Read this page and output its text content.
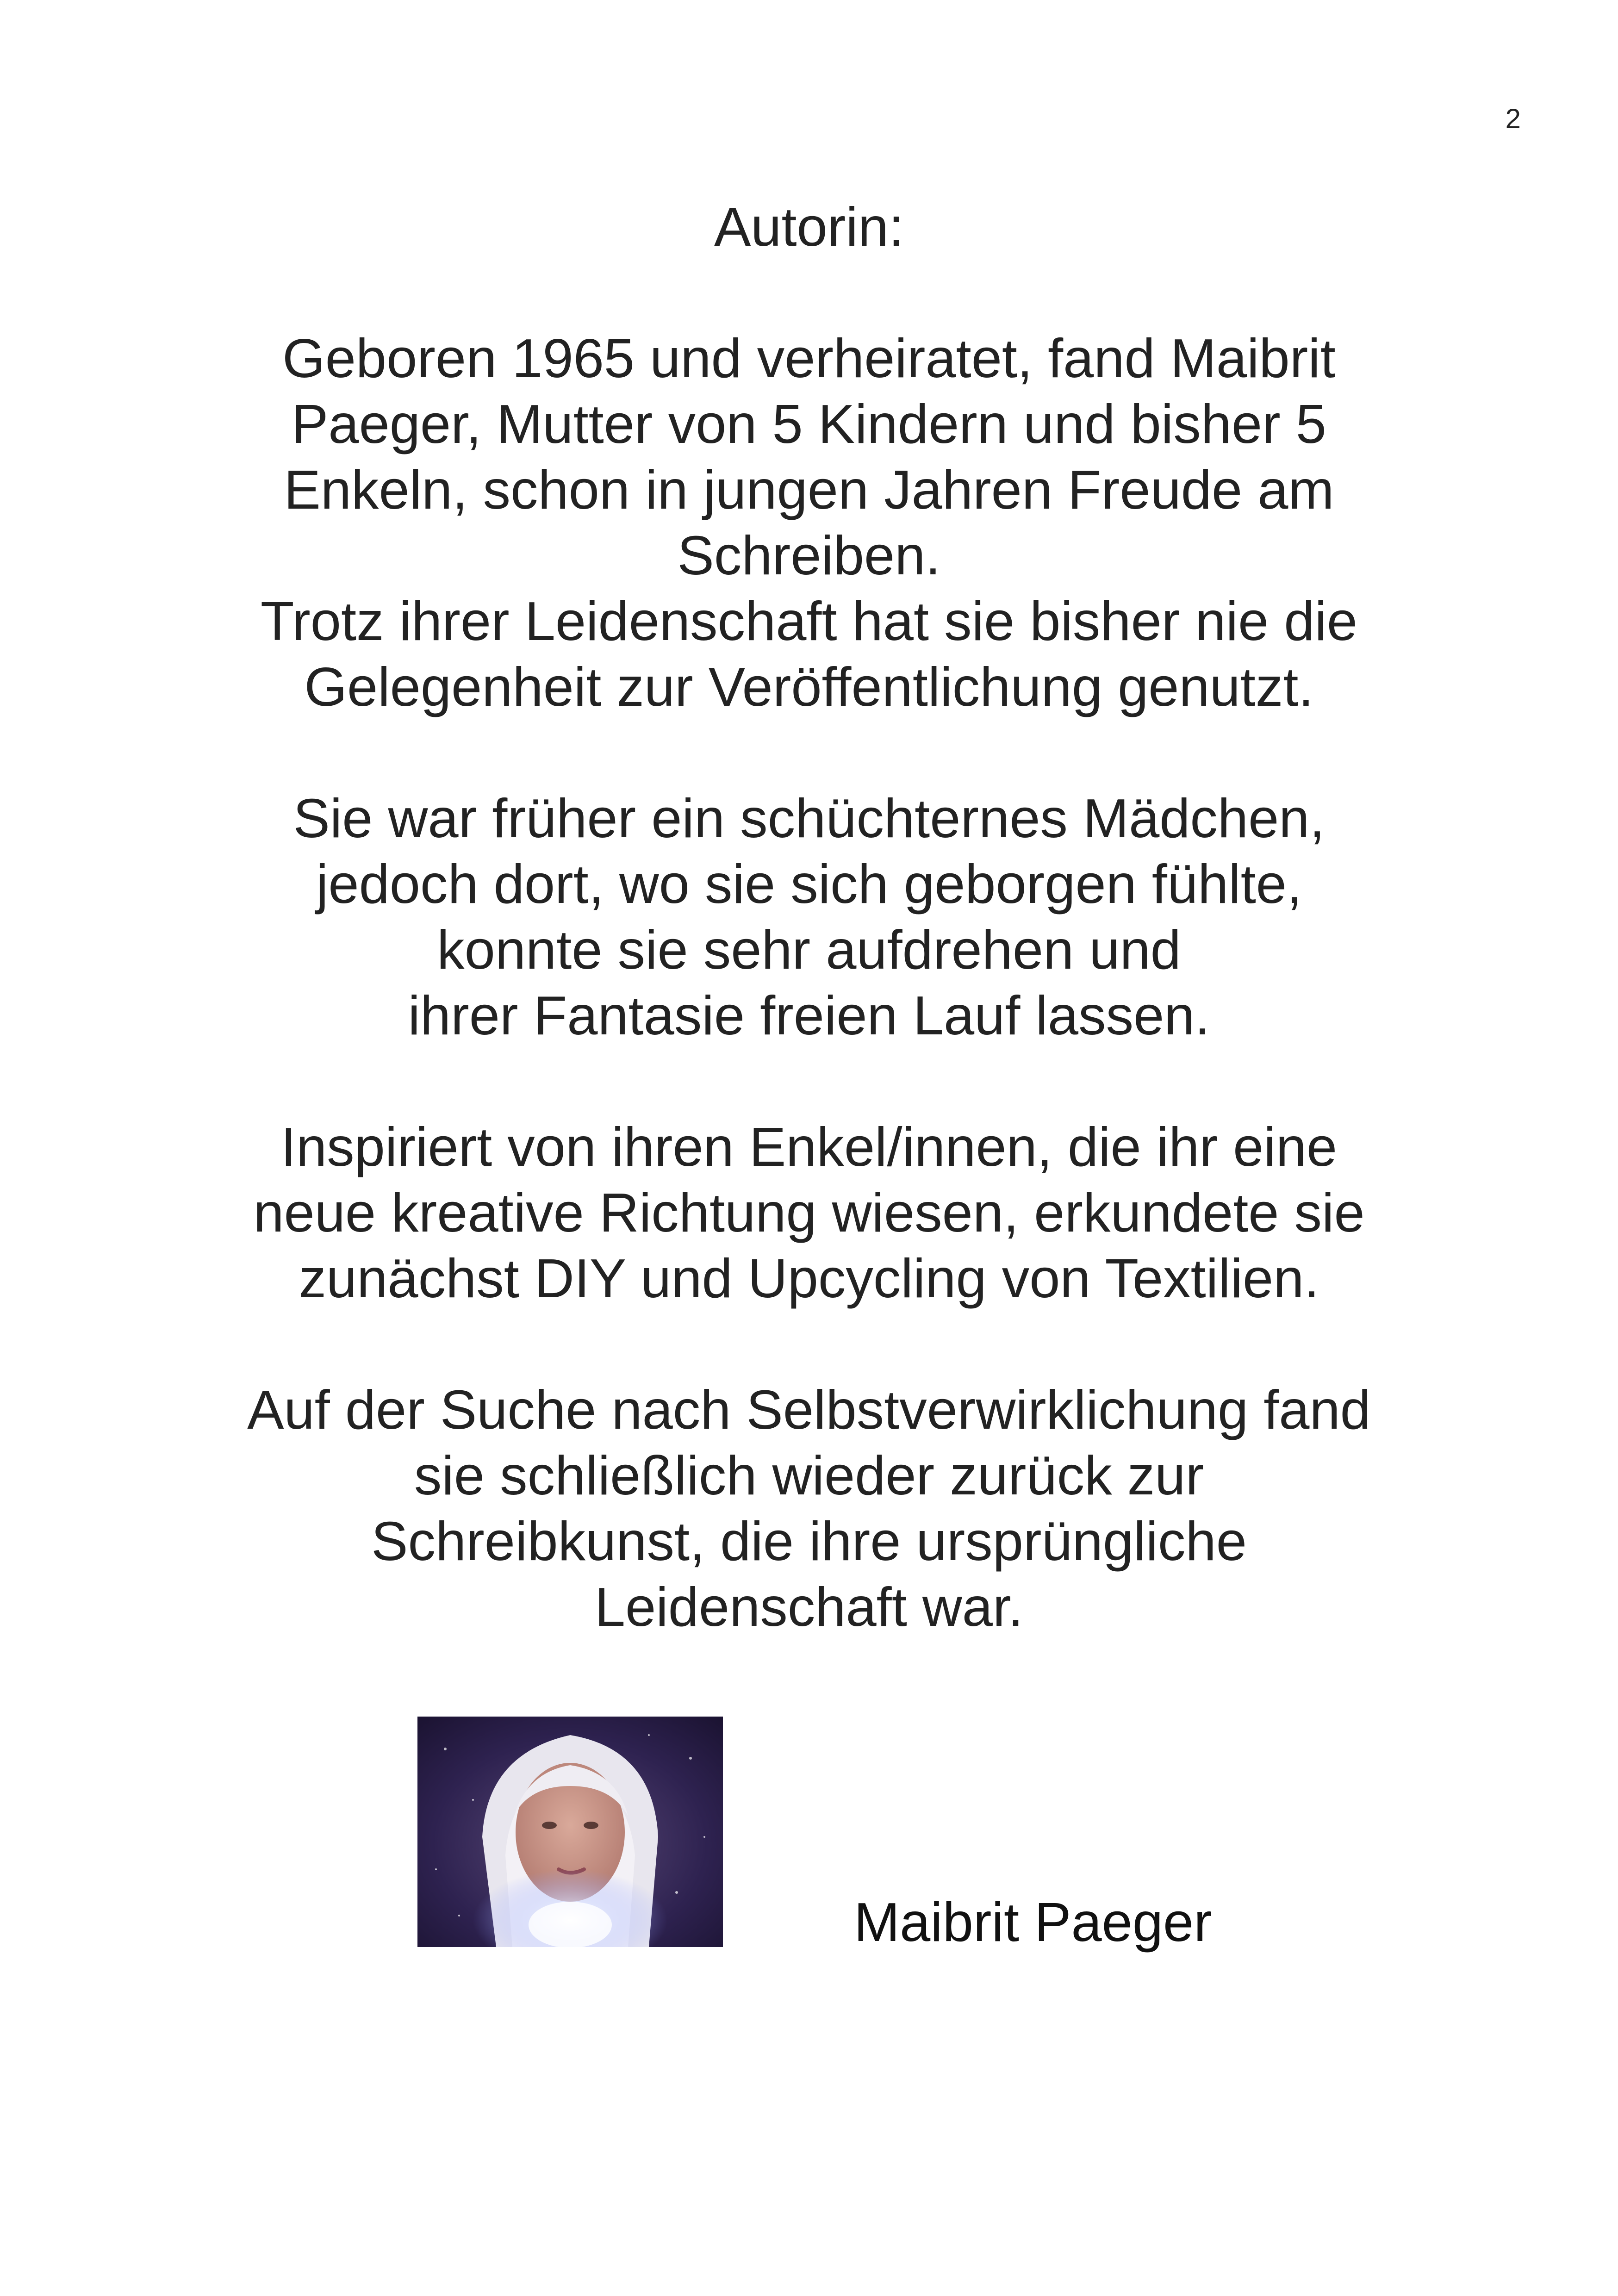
2
Autorin:
Geboren 1965 und verheiratet, fand Maibrit
Paeger, Mutter von 5 Kindern und bisher 5
Enkeln, schon in jungen Jahren Freude am
Schreiben.
Trotz ihrer Leidenschaft hat sie bisher nie die
Gelegenheit zur Veröffentlichung genutzt.
Sie war früher ein schüchternes Mädchen,
jedoch dort, wo sie sich geborgen fühlte,
konnte sie sehr aufdrehen und
ihrer Fantasie freien Lauf lassen.
Inspiriert von ihren Enkel/innen, die ihr eine
neue kreative Richtung wiesen, erkundete sie
zunächst DIY und Upcycling von Textilien.
Auf der Suche nach Selbstverwirklichung fand
sie schließlich wieder zurück zur
Schreibkunst, die ihre ursprüngliche
Leidenschaft war.
Maibrit Paeger
